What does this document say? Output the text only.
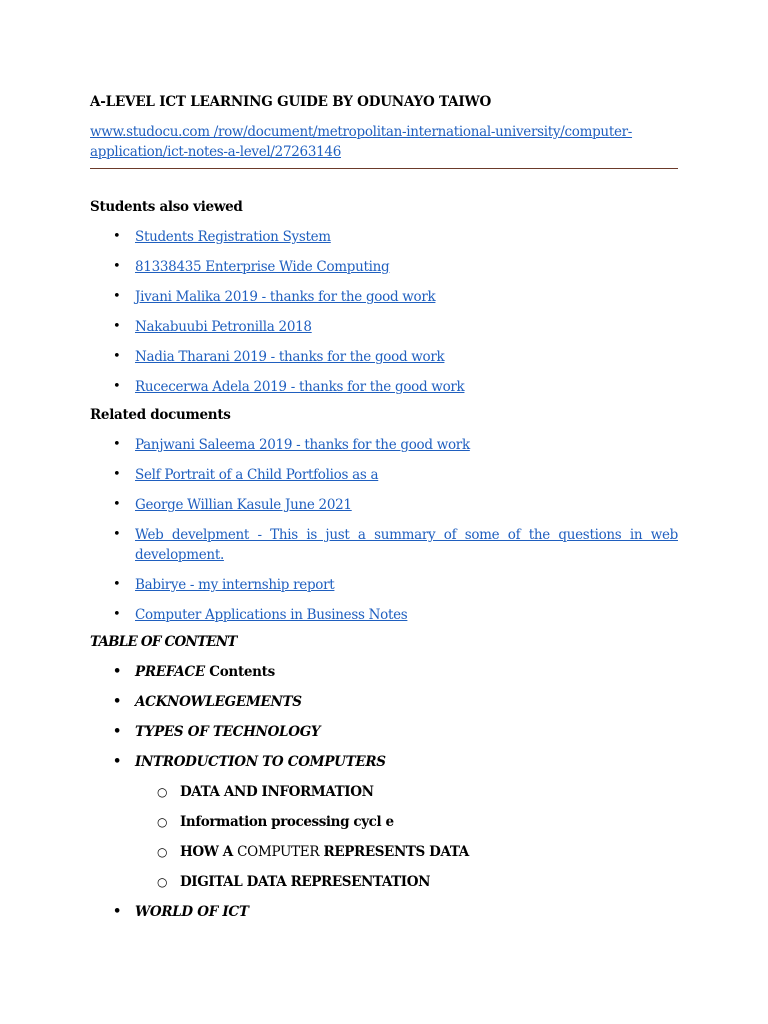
A-LEVEL ICT LEARNING GUIDE BY ODUNAYO TAIWO

www.studocu.com /row/document/metropolitan-international-university/computer-
application/ict-notes-a-level/27263146

Students also viewed

• Students Registration System
• 81338435 Enterprise Wide Computing
• Jivani Malika 2019 - thanks for the good work
• Nakabuubi Petronilla 2018
• Nadia Tharani 2019 - thanks for the good work
• Rucecerwa Adela 2019 - thanks for the good work

Related documents

• Panjwani Saleema 2019 - thanks for the good work
• Self Portrait of a Child Portfolios as a
• George Willian Kasule June 2021
• Web develpment - This is just a summary of some of the questions in web development.
• Babirye - my internship report
• Computer Applications in Business Notes

TABLE OF CONTENT

• PREFACE Contents
• ACKNOWLEGEMENTS
• TYPES OF TECHNOLOGY
• INTRODUCTION TO COMPUTERS
○ DATA AND INFORMATION
○ Information processing cycl e
○ HOW A COMPUTER REPRESENTS DATA
○ DIGITAL DATA REPRESENTATION
• WORLD OF ICT
